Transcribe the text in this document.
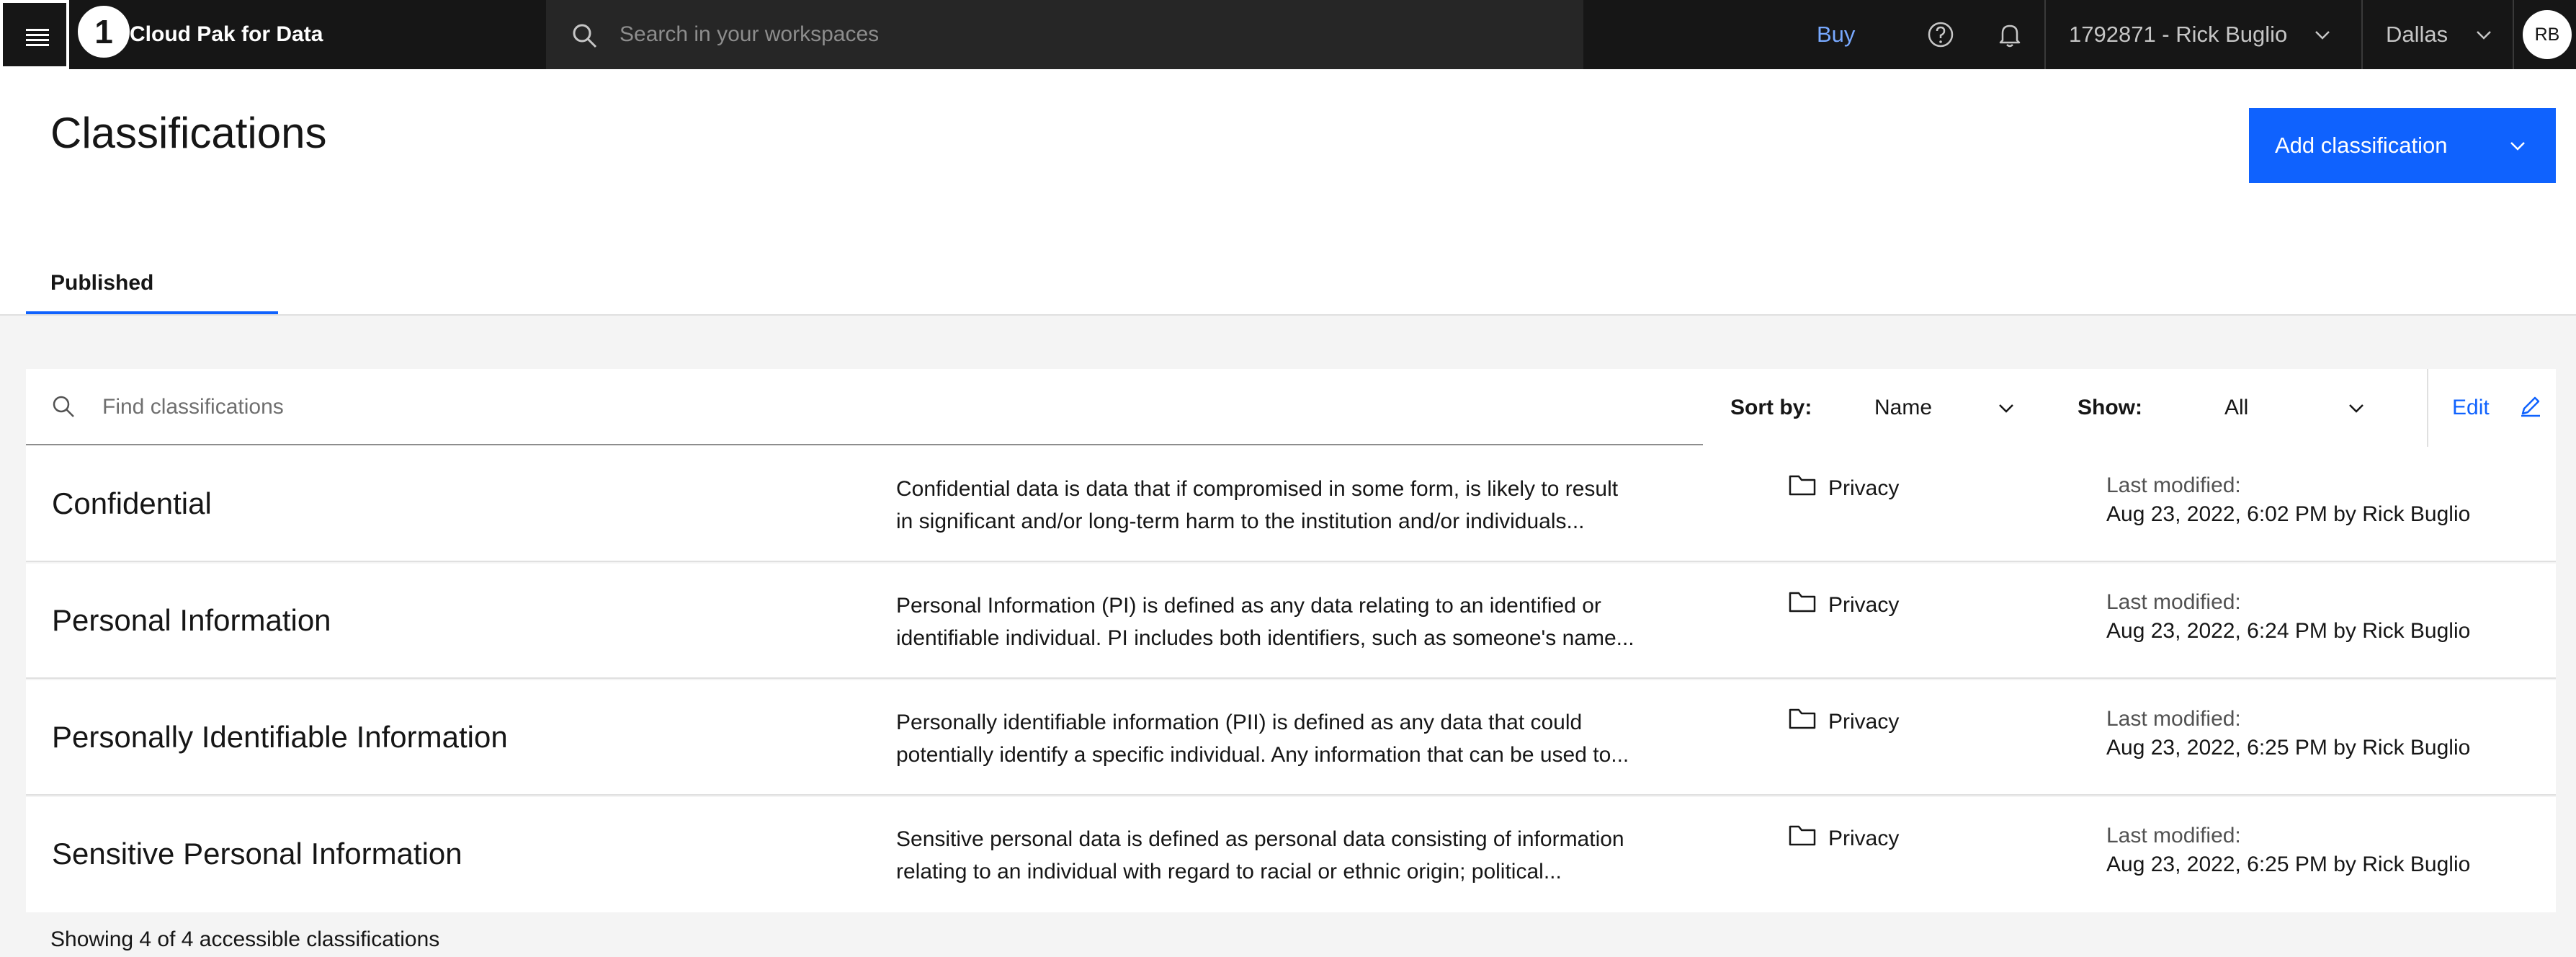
1 Cloud Pak for Data	Search in your workspaces	Buy	1792871 - Rick Buglio	Dallas	RB
Classifications	Add classification
Published
Find classifications	Sort by:	Name	Show:	All	Edit
Confidential	Confidential data is data that if compromised in some form, is likely to result
in significant and/or long-term harm to the institution and/or individuals...
Privacy	Last modified:
Aug 23, 2022, 6:02 PM by Rick Buglio
Personal Information	Personal Information (PI) is defined as any data relating to an identified or
identifiable individual. PI includes both identifiers, such as someone's name...
Privacy	Last modified:
Aug 23, 2022, 6:24 PM by Rick Buglio
Personally Identifiable Information	Personally identifiable information (PII) is defined as any data that could
potentially identify a specific individual. Any information that can be used to...
Privacy	Last modified:
Aug 23, 2022, 6:25 PM by Rick Buglio
Sensitive Personal Information	Sensitive personal data is defined as personal data consisting of information
relating to an individual with regard to racial or ethnic origin; political...
Privacy	Last modified:
Aug 23, 2022, 6:25 PM by Rick Buglio
Showing 4 of 4 accessible classifications
